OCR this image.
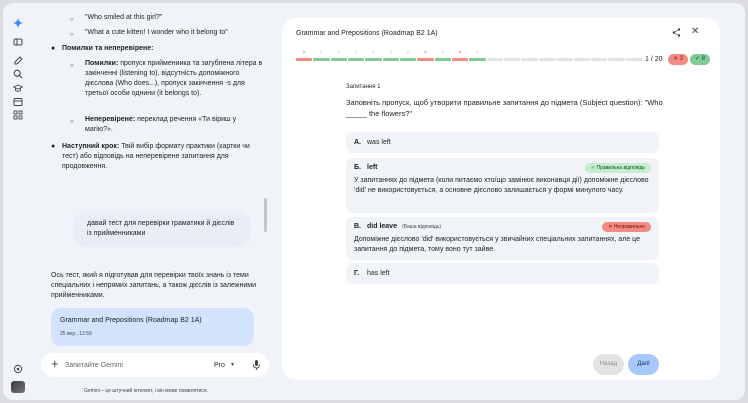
○ "Who smiled at this girl?"
○ "What a cute kitten! I wonder who it belong to"
● Помилки та неперевірене:
○ Помилки: пропуск приймениика та загублена літера в закінченні (listening to), відсутність допоміжного дієслова (Who does...), пропуск закінчення -s для третьої особи однини (it belongs to).
○ Неперевірене: переклад речення «Ти віриш у магію?».
● Наступний крок: Твій вибір формату практики (картки чи тест) або відповідь на неперевірене запитання для продовження.
давай тест для перевірки граматики й дієслів із прийменниками
Ось тест, який я підготував для перевірки твоїх знань із теми спеціальних і непрямих запитань, а також дієслів із залежними прийменниками.
Grammar and Prepositions (Roadmap B2 1A)
25 вер., 12:59
+ Запитайте Gemini	Pro ▾
Gemini – це штучний інтелект, і він може помилятися.
Grammar and Prepositions (Roadmap B2 1A)	✕
✕	✓	✓	✓	✓	✓	✓	✕	✓	✕	✓
1 / 20	✕ 3	✓ 8
Запитання 1
Заповніть пропуск, щоб утворити правильне запитання до підмета (Subject question): "Who _____ the flowers?"
A. was left
Б. left	✓ Правильна відповідь
У запитаннях до підмета (коли питаємо хто/що замінює виконавця дії) допоміжне дієслово 'did' не використовується, а основне дієслово залишається у формі минулого часу.
В. did leave (Ваша відповідь)	✕ Неправильно
Допоміжне дієслово 'did' використовується у звичайних спеціальних запитаннях, але це запитання до підмета, тому воно тут зайве.
Г. has left
Назад	Далі
